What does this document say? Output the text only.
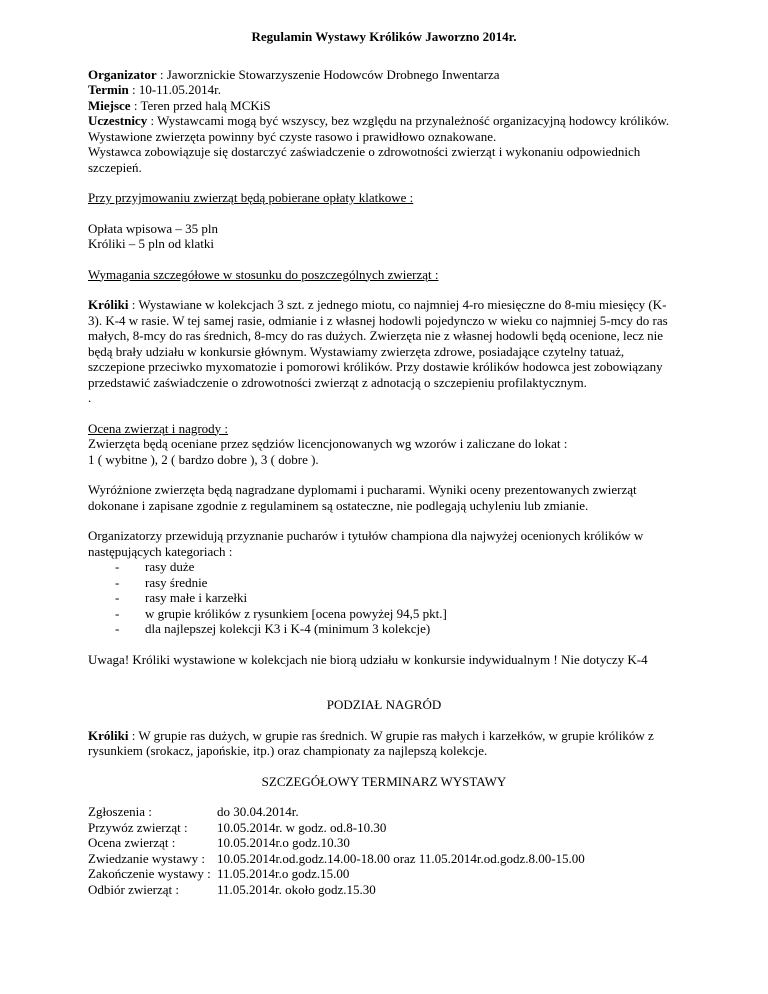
Regulamin Wystawy Królików Jaworzno 2014r.

Organizator : Jaworznickie Stowarzyszenie Hodowców Drobnego Inwentarza

Termin : 10-11.05.2014r.

Miejsce : Teren przed halą MCKiS

Uczestnicy : Wystawcami mogą być wszyscy, bez względu na przynależność organizacyjną hodowcy królików.

Wystawione zwierzęta powinny być czyste rasowo i prawidłowo oznakowane.

Wystawca zobowiązuje się dostarczyć zaświadczenie o zdrowotności zwierząt i wykonaniu odpowiednich szczepień.

Przy przyjmowaniu zwierząt będą pobierane opłaty klatkowe :

Opłata wpisowa – 35 pln

Króliki – 5 pln od klatki

Wymagania szczegółowe w stosunku do poszczególnych zwierząt :

Króliki : Wystawiane w kolekcjach 3 szt. z jednego miotu, co najmniej 4-ro miesięczne do 8-miu miesięcy (K-3). K-4 w rasie. W tej samej rasie, odmianie i z własnej hodowli pojedynczo w wieku co najmniej 5-mcy do ras małych, 8-mcy do ras średnich, 8-mcy do ras dużych. Zwierzęta nie z własnej hodowli będą ocenione, lecz nie będą brały udziału w konkursie głównym. Wystawiamy zwierzęta zdrowe, posiadające czytelny tatuaż, szczepione przeciwko myxomatozie i pomorowi królików. Przy dostawie królików hodowca jest zobowiązany przedstawić zaświadczenie o zdrowotności zwierząt z adnotacją o szczepieniu profilaktycznym.

.

Ocena zwierząt i nagrody :

Zwierzęta będą oceniane przez sędziów licencjonowanych wg wzorów i zaliczane do lokat :

1 ( wybitne ), 2 ( bardzo dobre ), 3 ( dobre ).

Wyróżnione zwierzęta będą nagradzane dyplomami i pucharami. Wyniki oceny prezentowanych zwierząt dokonane i zapisane zgodnie z regulaminem są ostateczne, nie podlegają uchyleniu lub zmianie.

Organizatorzy przewidują przyznanie pucharów i tytułów championa dla najwyżej ocenionych królików w następujących kategoriach :

-	rasy duże
-	rasy średnie
-	rasy małe i karzełki
-	w grupie królików z rysunkiem [ocena powyżej 94,5 pkt.]
-	dla najlepszej kolekcji K3 i K-4 (minimum 3 kolekcje)

Uwaga! Króliki wystawione w kolekcjach nie biorą udziału w konkursie indywidualnym ! Nie dotyczy K-4

PODZIAŁ NAGRÓD

Króliki : W grupie ras dużych, w grupie ras średnich. W grupie ras małych i karzełków, w grupie królików z rysunkiem (srokacz, japońskie, itp.) oraz championaty za najlepszą kolekcje.

SZCZEGÓŁOWY TERMINARZ WYSTAWY

Zgłoszenia :	do 30.04.2014r.
Przywóz zwierząt :	10.05.2014r. w godz. od.8-10.30
Ocena zwierząt :	10.05.2014r.o godz.10.30
Zwiedzanie wystawy : 10.05.2014r.od.godz.14.00-18.00 oraz 11.05.2014r.od.godz.8.00-15.00
Zakończenie wystawy : 11.05.2014r.o godz.15.00
Odbiór zwierząt :	11.05.2014r. około godz.15.30
